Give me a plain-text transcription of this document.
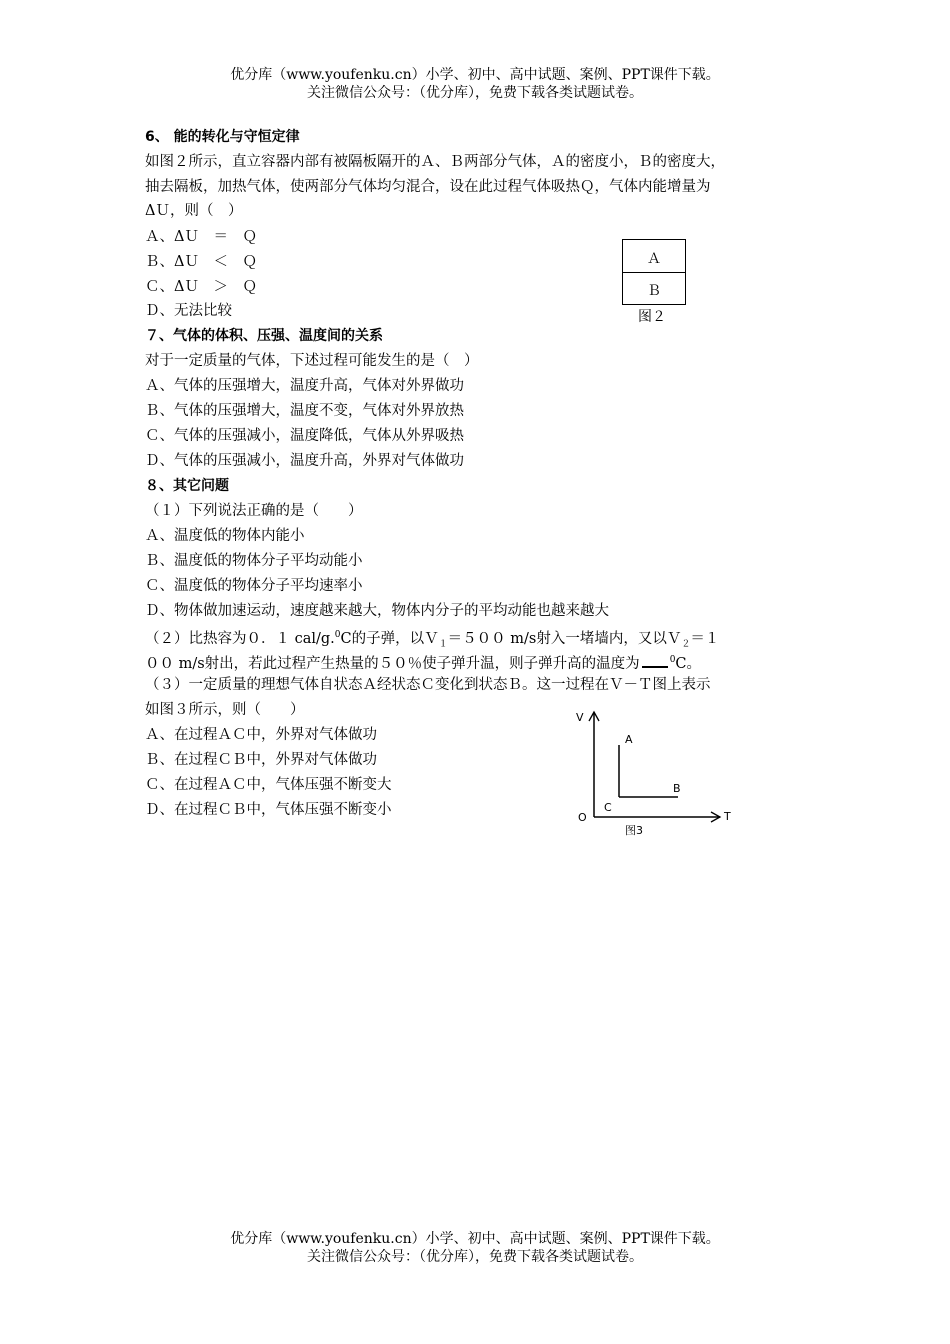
优分库（www.youfenku.cn）小学、初中、高中试题、案例、PPT课件下载。
关注微信公众号：（优分库），免费下载各类试题试卷。
6、 能的转化与守恒定律
如图２所示，直立容器内部有被隔板隔开的Ａ、Ｂ两部分气体，Ａ的密度小，Ｂ的密度大，
抽去隔板，加热气体，使两部分气体均匀混合，设在此过程气体吸热Ｑ，气体内能增量为
ΔＵ，则（　）
Ａ、ΔＵ　＝　Ｑ
Ｂ、ΔＵ　＜　Ｑ
Ｃ、ΔＵ　＞　Ｑ
Ｄ、无法比较
Ａ
Ｂ
图２
７、气体的体积、压强、温度间的关系
对于一定质量的气体，下述过程可能发生的是（　）
Ａ、气体的压强增大，温度升高，气体对外界做功
Ｂ、气体的压强增大，温度不变，气体对外界放热
Ｃ、气体的压强减小，温度降低，气体从外界吸热
Ｄ、气体的压强减小，温度升高，外界对气体做功
８、其它问题
（１）下列说法正确的是（　　）
Ａ、温度低的物体内能小
Ｂ、温度低的物体分子平均动能小
Ｃ、温度低的物体分子平均速率小
Ｄ、物体做加速运动，速度越来越大，物体内分子的平均动能也越来越大
（２）比热容为０．１ cal/g.$^0$C的子弹，以Ｖ$_1$＝５００ m/s射入一堵墙内，又以Ｖ$_2$＝１
００ m/s射出，若此过程产生热量的５０％使子弹升温，则子弹升高的温度为	$^0$C。
（３）一定质量的理想气体自状态Ａ经状态Ｃ变化到状态Ｂ。这一过程在Ｖ－Ｔ图上表示
如图３所示，则（　　）
Ａ、在过程ＡＣ中，外界对气体做功
Ｂ、在过程ＣＢ中，外界对气体做功
Ｃ、在过程ＡＣ中，气体压强不断变大
Ｄ、在过程ＣＢ中，气体压强不断变小
V
T
O
A
B
C
图3
优分库（www.youfenku.cn）小学、初中、高中试题、案例、PPT课件下载。
关注微信公众号：（优分库），免费下载各类试题试卷。
